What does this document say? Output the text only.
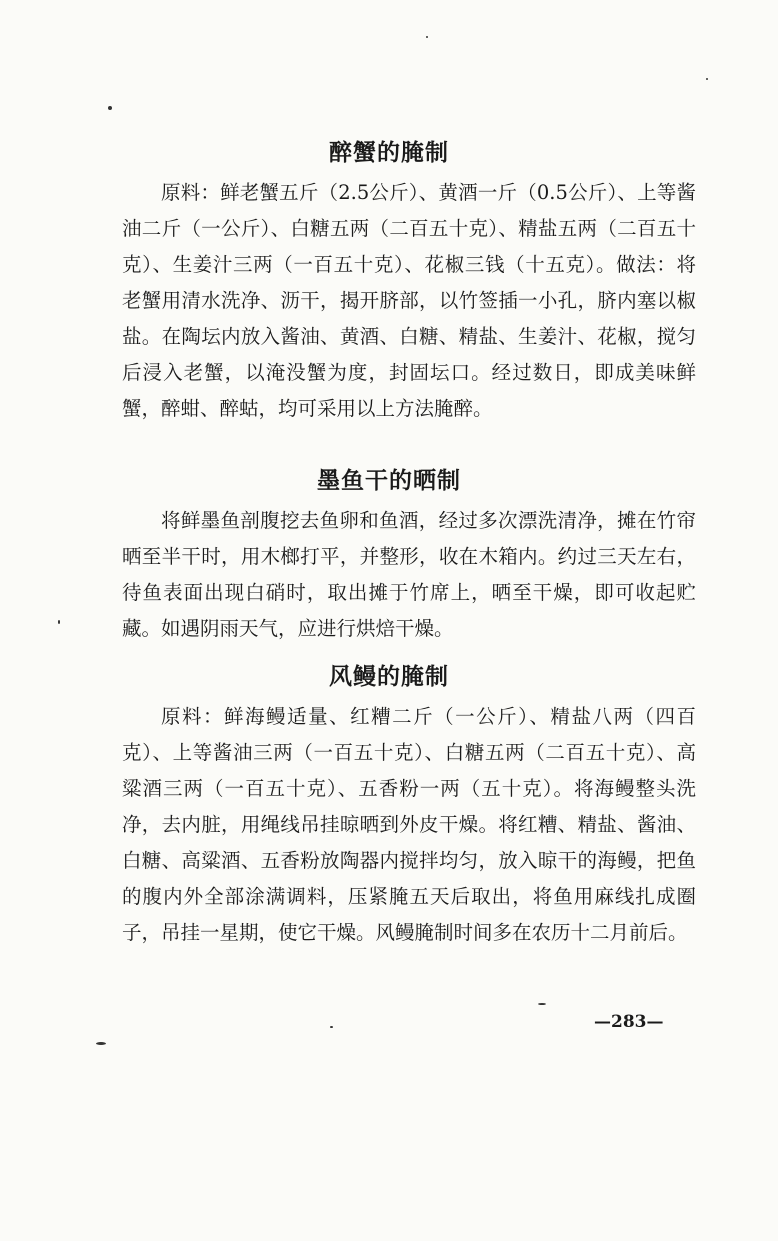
醉蟹的腌制

原料：鲜老蟹五斤（2.5公斤）、黄酒一斤（0.5公斤）、上等酱油二斤（一公斤）、白糖五两（二百五十克）、精盐五两（二百五十克）、生姜汁三两（一百五十克）、花椒三钱（十五克）。做法：将老蟹用清水洗净、沥干，揭开脐部，以竹签插一小孔，脐内塞以椒盐。在陶坛内放入酱油、黄酒、白糖、精盐、生姜汁、花椒，搅匀后浸入老蟹，以淹没蟹为度，封固坛口。经过数日，即成美味鲜蟹，醉蚶、醉蛄，均可采用以上方法腌醉。

墨鱼干的晒制

将鲜墨鱼剖腹挖去鱼卵和鱼酒，经过多次漂洗清净，摊在竹帘晒至半干时，用木榔打平，并整形，收在木箱内。约过三天左右，待鱼表面出现白硝时，取出摊于竹席上，晒至干燥，即可收起贮藏。如遇阴雨天气，应进行烘焙干燥。

风鳗的腌制

原料：鲜海鳗适量、红糟二斤（一公斤）、精盐八两（四百克）、上等酱油三两（一百五十克）、白糖五两（二百五十克）、高粱酒三两（一百五十克）、五香粉一两（五十克）。将海鳗整头洗净，去内脏，用绳线吊挂晾晒到外皮干燥。将红糟、精盐、酱油、白糖、高粱酒、五香粉放陶器内搅拌均匀，放入晾干的海鳗，把鱼的腹内外全部涂满调料，压紧腌五天后取出，将鱼用麻线扎成圈子，吊挂一星期，使它干燥。风鳗腌制时间多在农历十二月前后。

—283—
